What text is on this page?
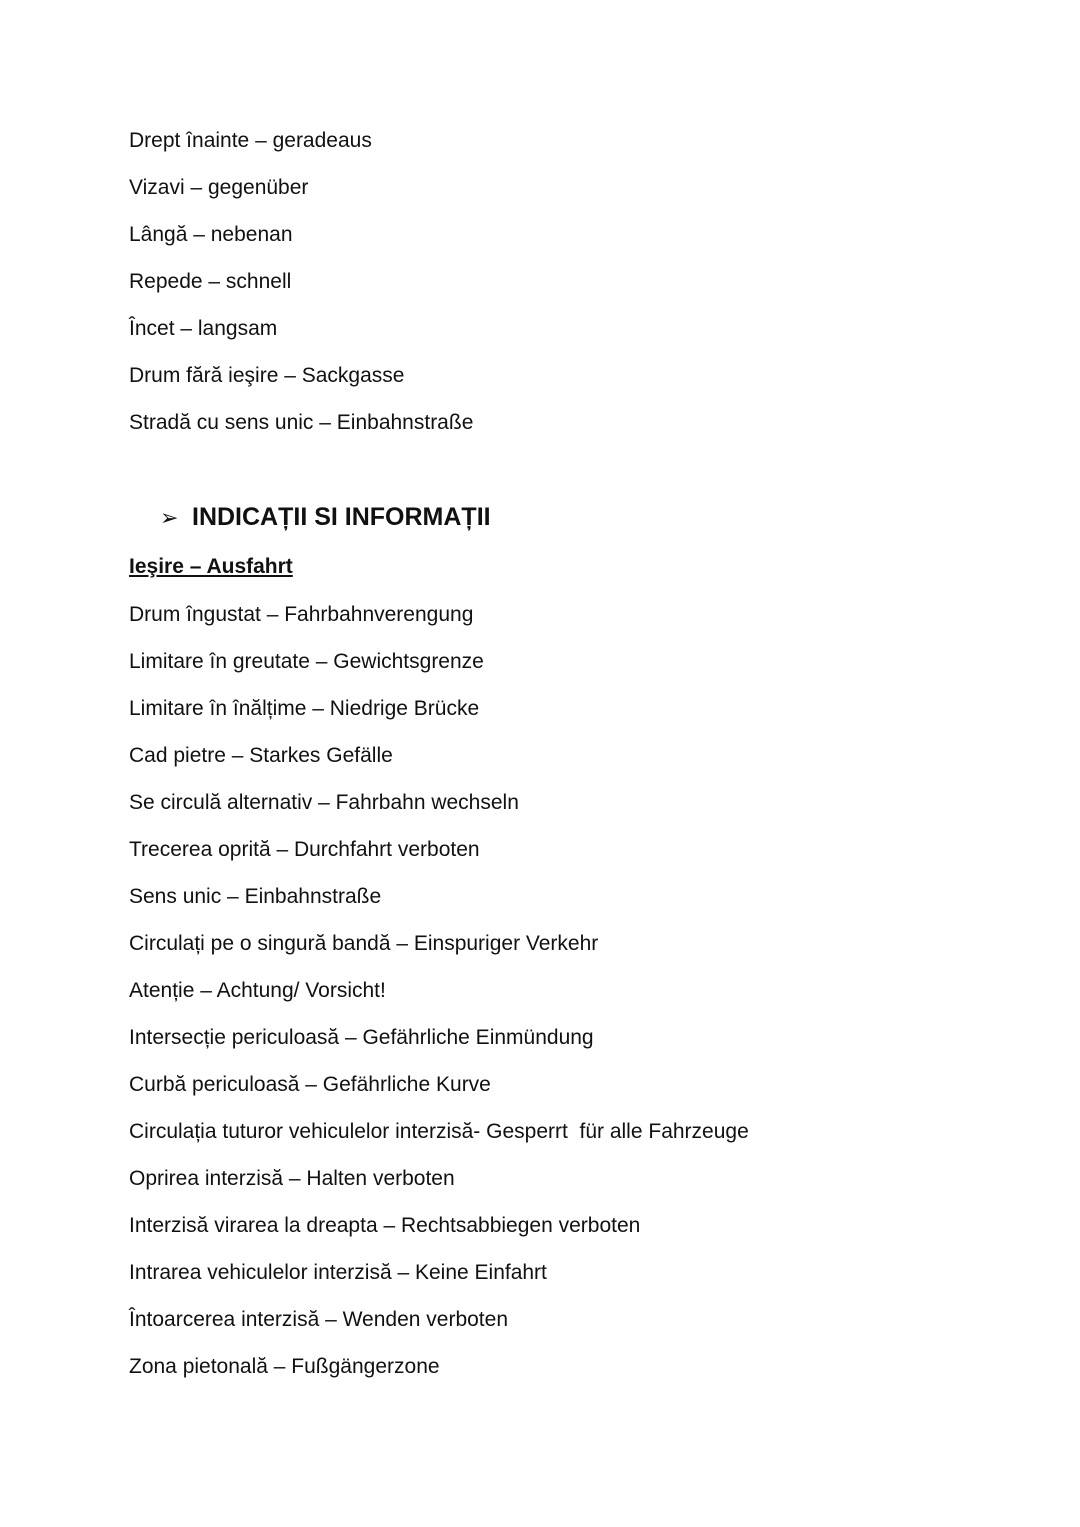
Drept înainte – geradeaus
Vizavi – gegenüber
Lângă – nebenan
Repede – schnell
Încet – langsam
Drum fără ieşire – Sackgasse
Stradă cu sens unic – Einbahnstraße
➢ INDICAȚII SI INFORMAȚII
Ieşire – Ausfahrt
Drum îngustat – Fahrbahnverengung
Limitare în greutate – Gewichtsgrenze
Limitare în înălțime – Niedrige Brücke
Cad pietre – Starkes Gefälle
Se circulă alternativ – Fahrbahn wechseln
Trecerea oprită – Durchfahrt verboten
Sens unic – Einbahnstraße
Circulați pe o singură bandă – Einspuriger Verkehr
Atenție – Achtung/ Vorsicht!
Intersecție periculoasă – Gefährliche Einmündung
Curbă periculoasă – Gefährliche Kurve
Circulația tuturor vehiculelor interzisă- Gesperrt  für alle Fahrzeuge
Oprirea interzisă – Halten verboten
Interzisă virarea la dreapta – Rechtsabbiegen verboten
Intrarea vehiculelor interzisă – Keine Einfahrt
Întoarcerea interzisă – Wenden verboten
Zona pietonală – Fußgängerzone
